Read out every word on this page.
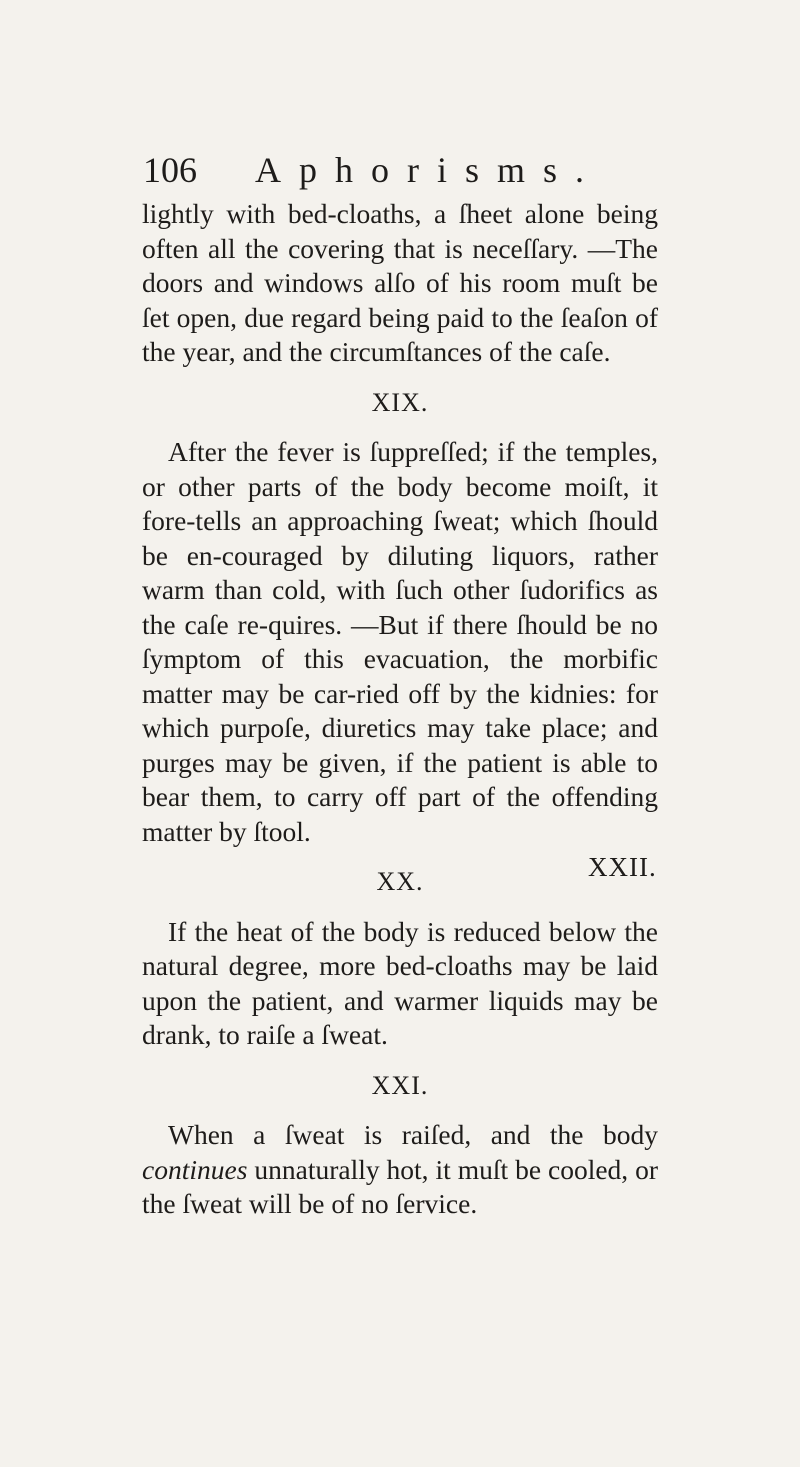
106 Aphorisms.

lightly with bed-cloaths, a ſheet alone being often all the covering that is neceſſary. —The doors and windows alſo of his room muſt be ſet open, due regard being paid to the ſeaſon of the year, and the circumſtances of the caſe.

XIX.

After the fever is ſuppreſſed; if the temples, or other parts of the body become moiſt, it fore-tells an approaching ſweat; which ſhould be en-couraged by diluting liquors, rather warm than cold, with ſuch other ſudorifics as the caſe re-quires. —But if there ſhould be no ſymptom of this evacuation, the morbific matter may be car-ried off by the kidnies: for which purpoſe, diuretics may take place; and purges may be given, if the patient is able to bear them, to carry off part of the offending matter by ſtool.

XX.

If the heat of the body is reduced below the natural degree, more bed-cloaths may be laid upon the patient, and warmer liquids may be drank, to raiſe a ſweat.

XXI.

When a ſweat is raiſed, and the body continues unnaturally hot, it muſt be cooled, or the ſweat will be of no ſervice.

XXII.
